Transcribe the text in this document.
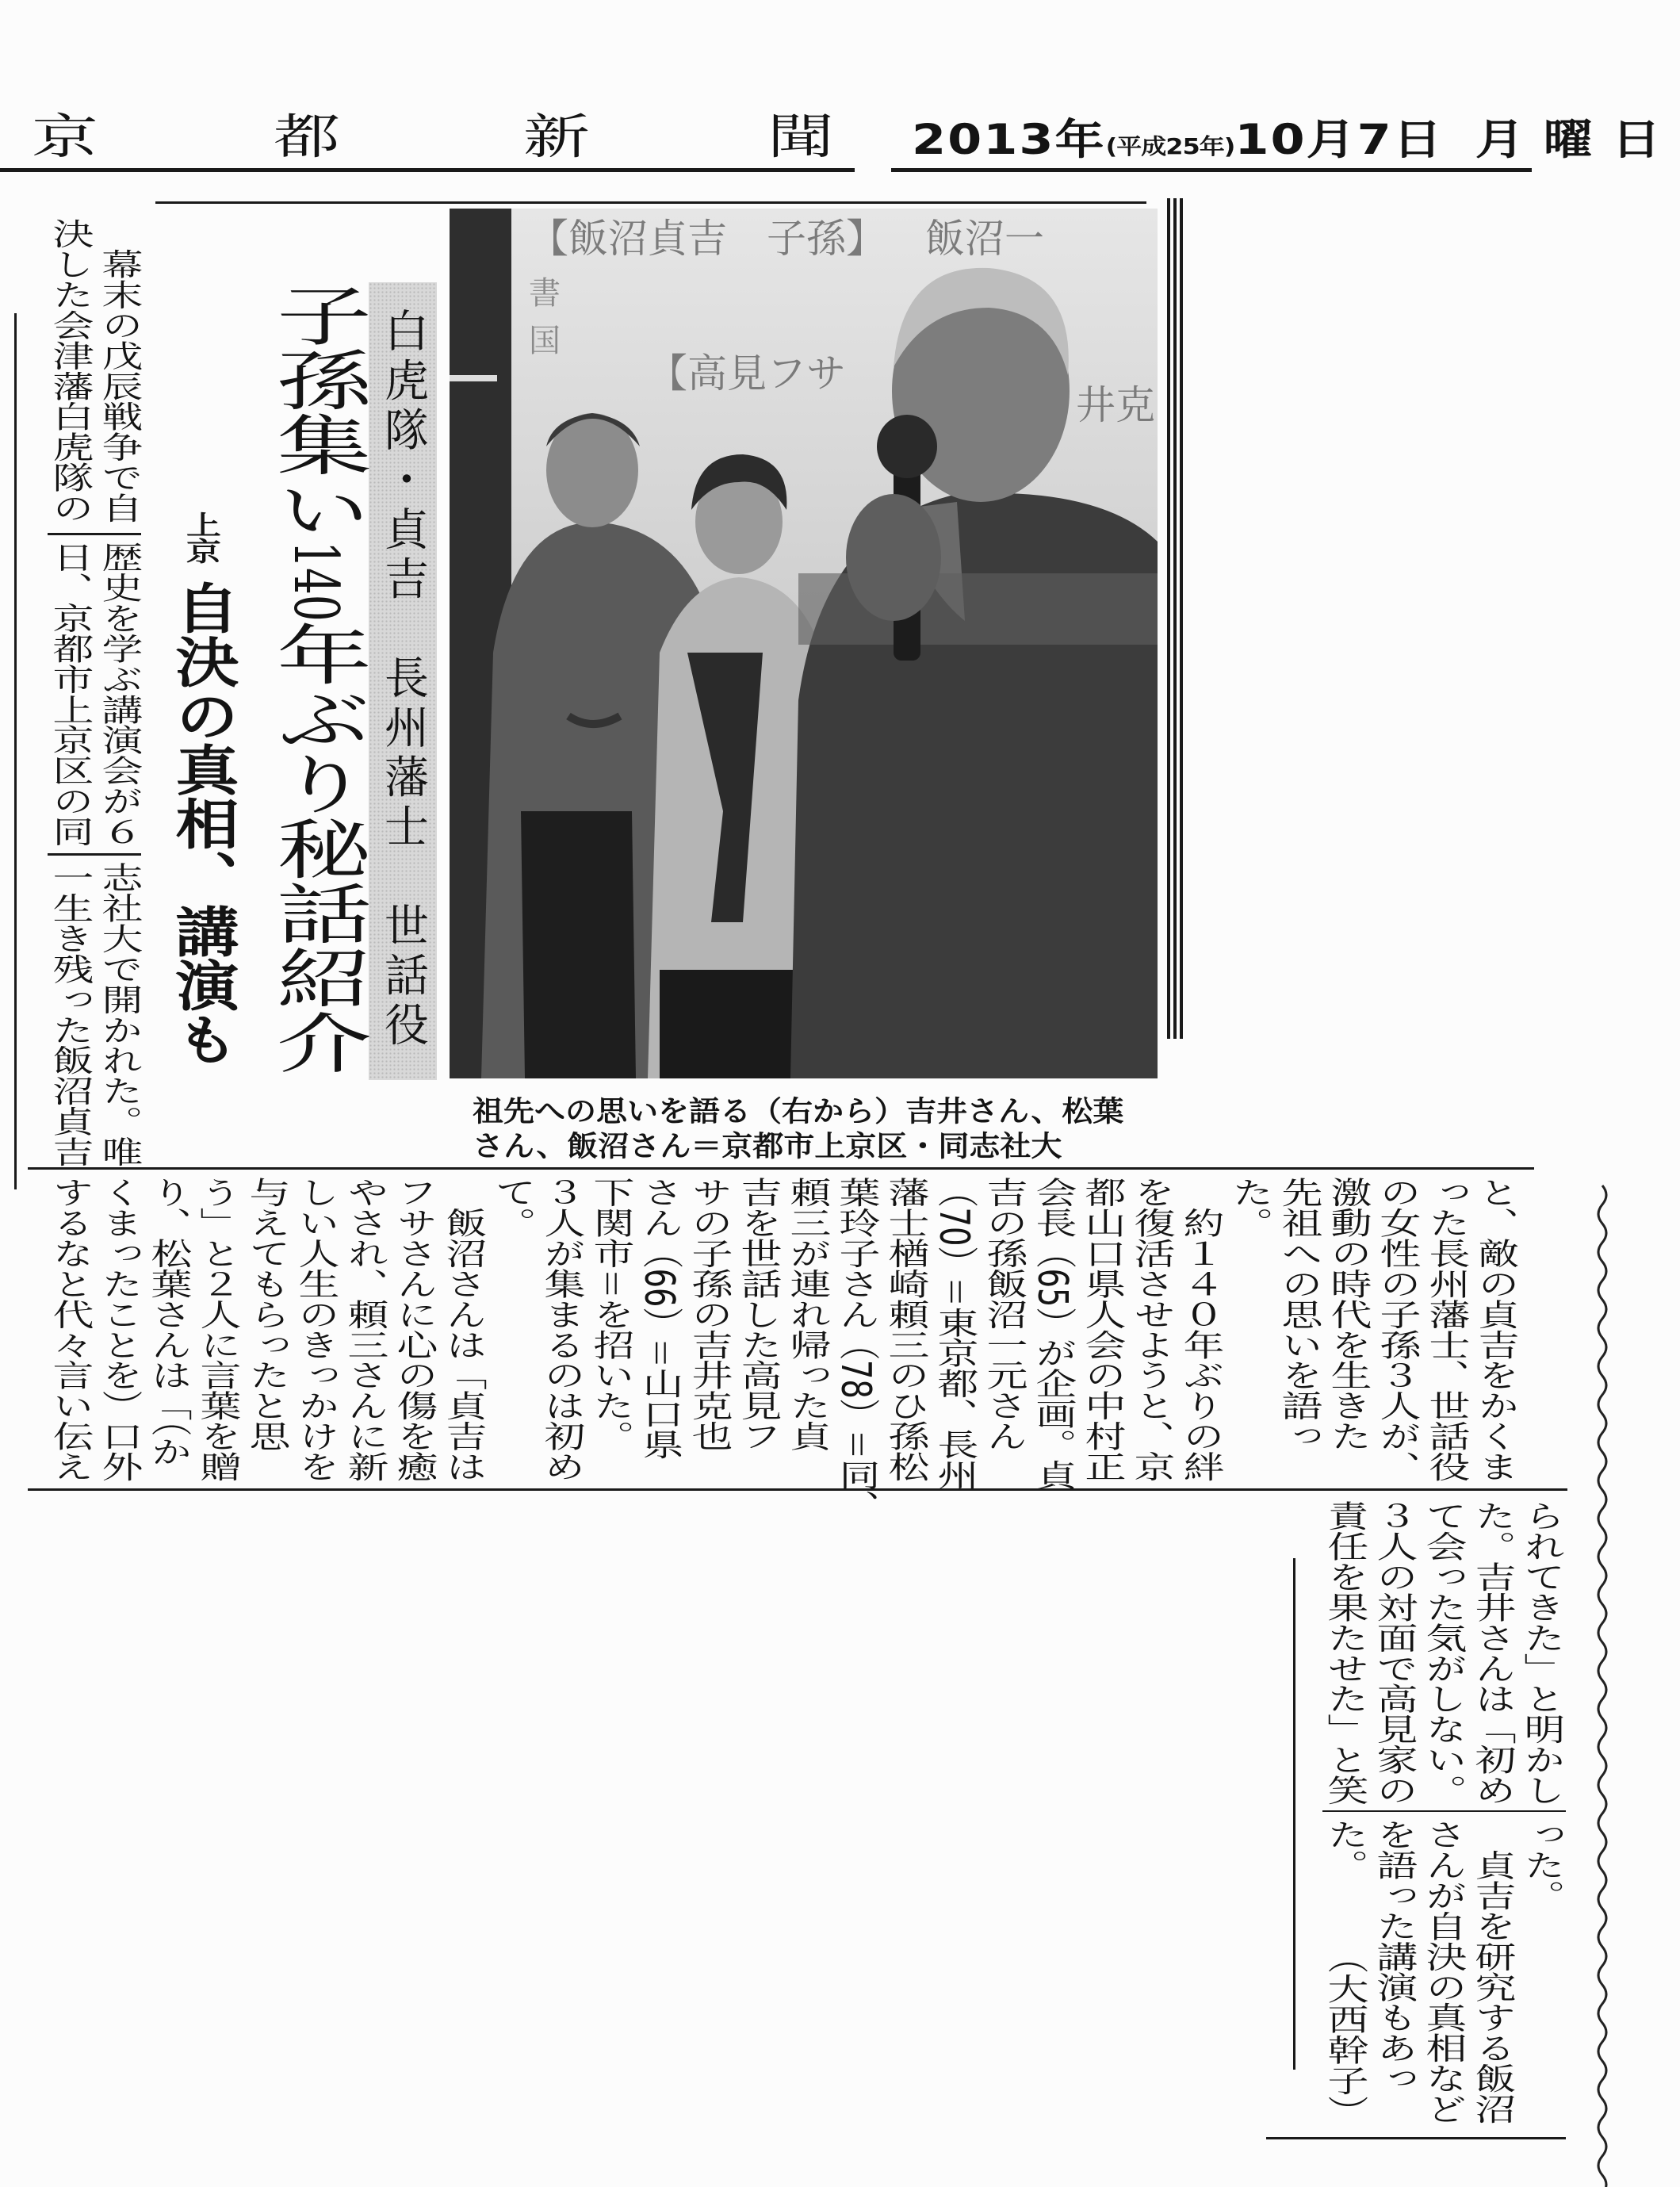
京	都	新	聞 2013年(平成25年)10月7日 月曜日
白虎隊・貞吉　長州藩士　世話役
子孫集い140年ぶり秘話紹介
上京
自決の真相、講演も
【飯沼貞吉　子孫】 飯沼一
【高見フサ
井克
書
国
祖先への思いを語る（右から）吉井さん、松葉
さん、飯沼さん＝京都市上京区・同志社大
　幕末の戊辰戦争で自
決した会津藩白虎隊の
歴史を学ぶ講演会が６
日、京都市上京区の同
志社大で開かれた。唯
一生き残った飯沼貞吉
と、敵の貞吉をかくま
った長州藩士、世話役
の女性の子孫３人が、
激動の時代を生きた
先祖への思いを語っ
た。
　約１４０年ぶりの絆
を復活させようと、京
都山口県人会の中村正
会長（65）が企画。貞
吉の孫飯沼一元さん
（70）＝東京都、長州
藩士楢崎頼三のひ孫松
葉玲子さん（78）＝同、
頼三が連れ帰った貞
吉を世話した高見フ
サの子孫の吉井克也
さん（66）＝山口県
下関市＝を招いた。
３人が集まるのは初め
て。
　飯沼さんは「貞吉は
フサさんに心の傷を癒
やされ、頼三さんに新
しい人生のきっかけを
与えてもらったと思
う」と２人に言葉を贈
り、松葉さんは「（か
くまったことを）口外
するなと代々言い伝え
られてきた」と明かし
た。吉井さんは「初め
て会った気がしない。
３人の対面で高見家の
責任を果たせた」と笑
った。
　貞吉を研究する飯沼
さんが自決の真相など
を語った講演もあっ
た。
（大西幹子）
